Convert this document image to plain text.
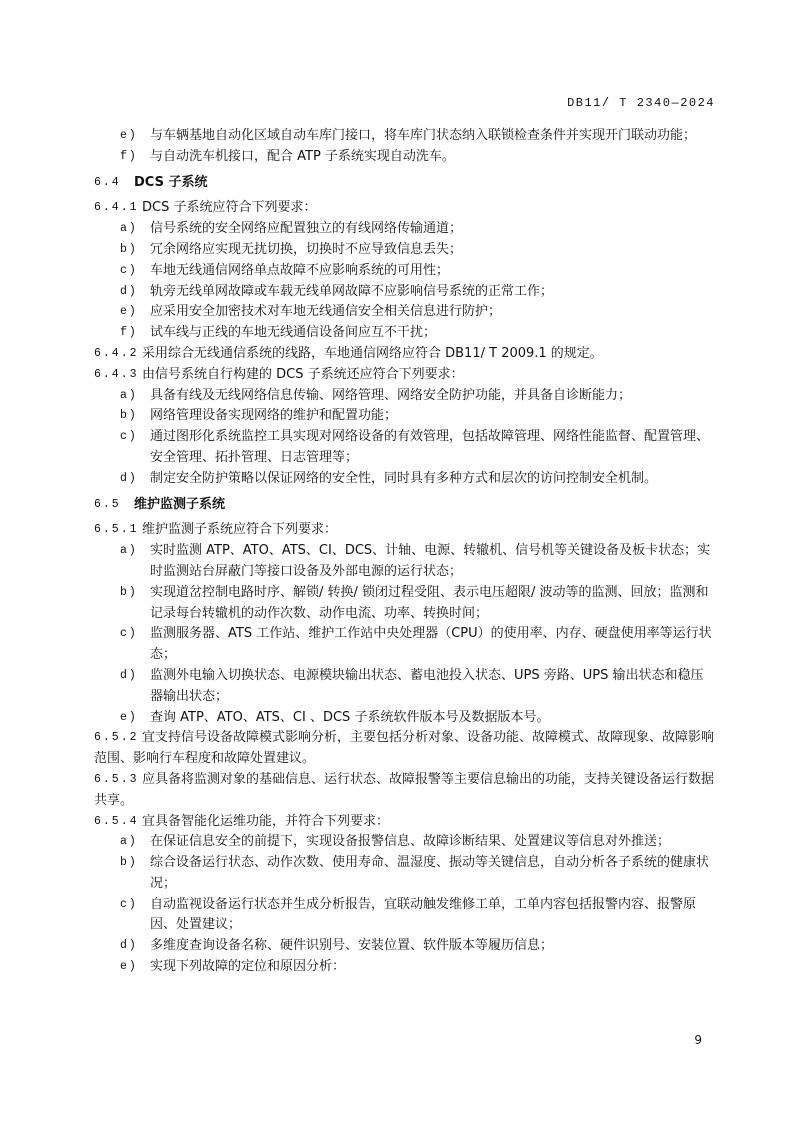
DB11/ T 2340—2024
e) 与车辆基地自动化区域自动车库门接口，将车库门状态纳入联锁检查条件并实现开门联动功能；
f) 与自动洗车机接口，配合 ATP 子系统实现自动洗车。
6.4 DCS 子系统
6.4.1 DCS 子系统应符合下列要求：
a) 信号系统的安全网络应配置独立的有线网络传输通道；
b) 冗余网络应实现无扰切换，切换时不应导致信息丢失；
c) 车地无线通信网络单点故障不应影响系统的可用性；
d) 轨旁无线单网故障或车载无线单网故障不应影响信号系统的正常工作；
e) 应采用安全加密技术对车地无线通信安全相关信息进行防护；
f) 试车线与正线的车地无线通信设备间应互不干扰；
6.4.2 采用综合无线通信系统的线路，车地通信网络应符合 DB11/ T 2009.1 的规定。
6.4.3 由信号系统自行构建的 DCS 子系统还应符合下列要求：
a) 具备有线及无线网络信息传输、网络管理、网络安全防护功能，并具备自诊断能力；
b) 网络管理设备实现网络的维护和配置功能；
c) 通过图形化系统监控工具实现对网络设备的有效管理，包括故障管理、网络性能监督、配置管理、安全管理、拓扑管理、日志管理等；
d) 制定安全防护策略以保证网络的安全性，同时具有多种方式和层次的访问控制安全机制。
6.5 维护监测子系统
6.5.1 维护监测子系统应符合下列要求：
a) 实时监测 ATP、ATO、ATS、CI、DCS、计轴、电源、转辙机、信号机等关键设备及板卡状态；实时监测站台屏蔽门等接口设备及外部电源的运行状态；
b) 实现道岔控制电路时序、解锁/ 转换/ 锁闭过程受阻、表示电压超限/ 波动等的监测、回放；监测和记录每台转辙机的动作次数、动作电流、功率、转换时间；
c) 监测服务器、ATS 工作站、维护工作站中央处理器（CPU）的使用率、内存、硬盘使用率等运行状态；
d) 监测外电输入切换状态、电源模块输出状态、蓄电池投入状态、UPS 旁路、UPS 输出状态和稳压器输出状态；
e) 查询 ATP、ATO、ATS、CI 、DCS 子系统软件版本号及数据版本号。
6.5.2 宜支持信号设备故障模式影响分析，主要包括分析对象、设备功能、故障模式、故障现象、故障影响范围、影响行车程度和故障处置建议。
6.5.3 应具备将监测对象的基础信息、运行状态、故障报警等主要信息输出的功能，支持关键设备运行数据共享。
6.5.4 宜具备智能化运维功能，并符合下列要求：
a) 在保证信息安全的前提下，实现设备报警信息、故障诊断结果、处置建议等信息对外推送；
b) 综合设备运行状态、动作次数、使用寿命、温湿度、振动等关键信息，自动分析各子系统的健康状况；
c) 自动监视设备运行状态并生成分析报告，宜联动触发维修工单，工单内容包括报警内容、报警原因、处置建议；
d) 多维度查询设备名称、硬件识别号、安装位置、软件版本等履历信息；
e) 实现下列故障的定位和原因分析：
9
